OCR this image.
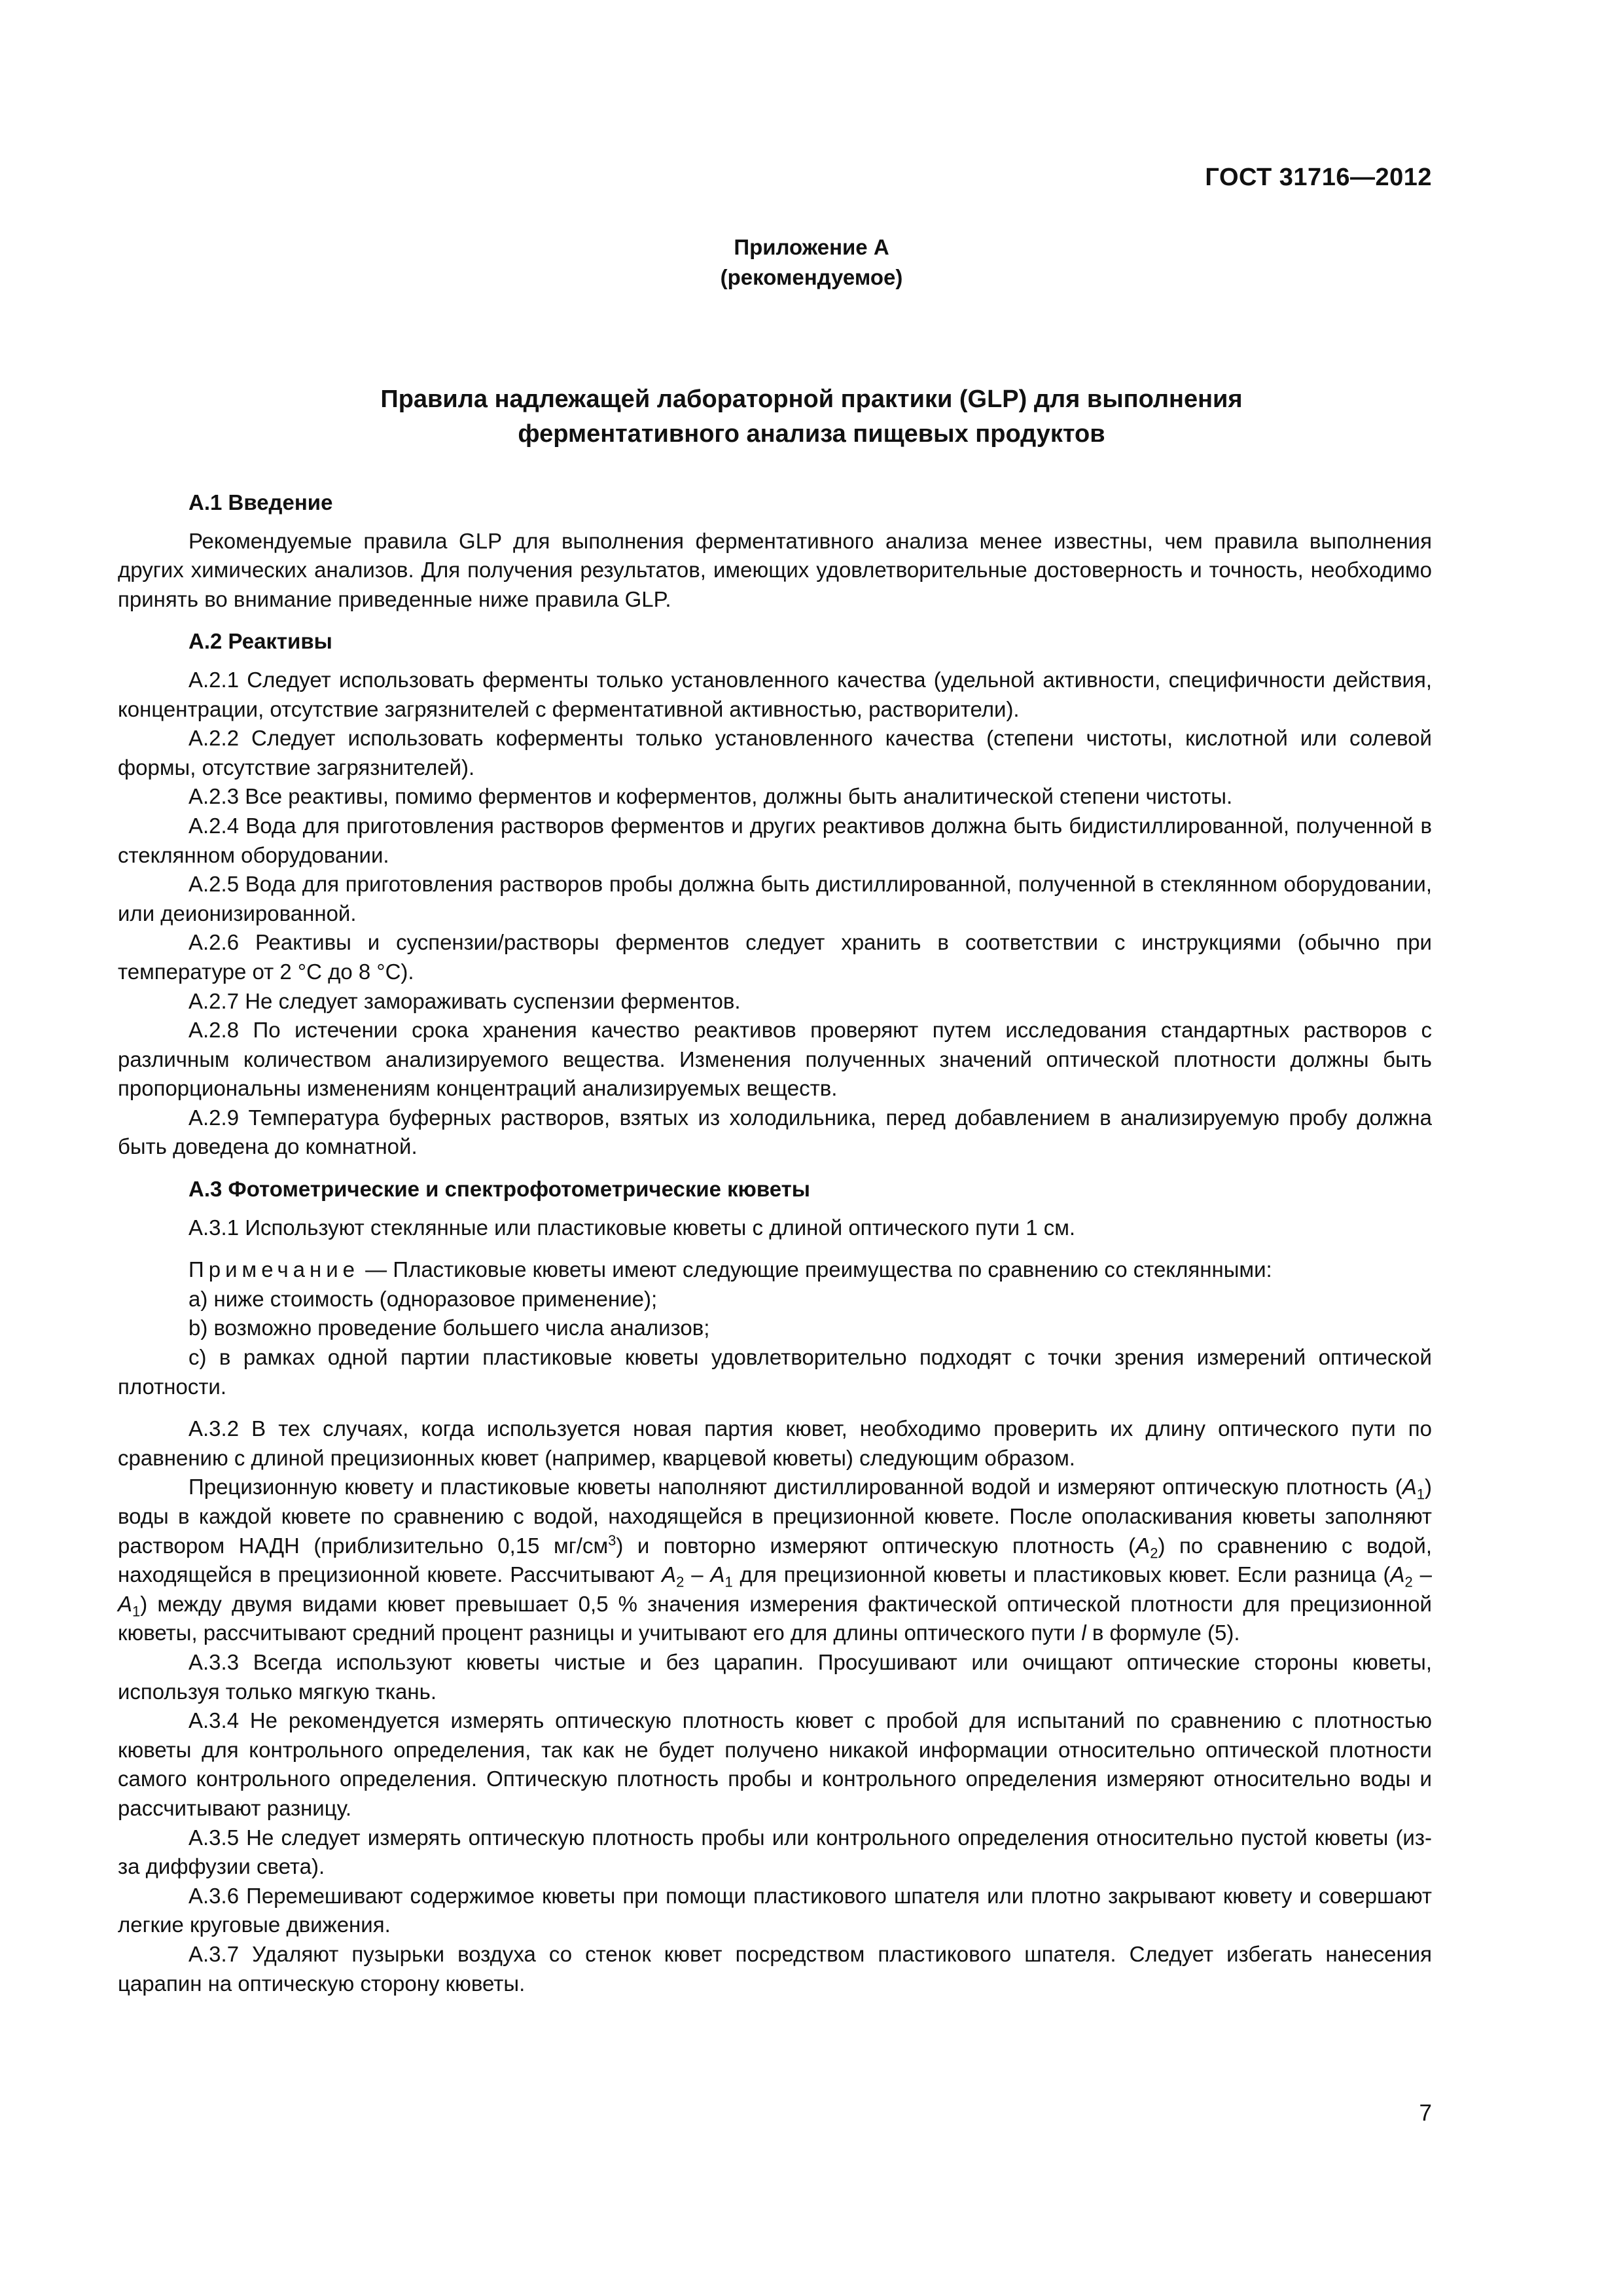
ГОСТ 31716—2012
Приложение А
(рекомендуемое)
Правила надлежащей лабораторной практики (GLP) для выполнения
ферментативного анализа пищевых продуктов
А.1 Введение

Рекомендуемые правила GLP для выполнения ферментативного анализа менее известны, чем правила выполнения других химических анализов. Для получения результатов, имеющих удовлетворительные достоверность и точность, необходимо принять во внимание приведенные ниже правила GLP.

А.2 Реактивы

А.2.1 Следует использовать ферменты только установленного качества (удельной активности, специфичности действия, концентрации, отсутствие загрязнителей с ферментативной активностью, растворители).

А.2.2 Следует использовать коферменты только установленного качества (степени чистоты, кислотной или солевой формы, отсутствие загрязнителей).

А.2.3 Все реактивы, помимо ферментов и коферментов, должны быть аналитической степени чистоты.

А.2.4 Вода для приготовления растворов ферментов и других реактивов должна быть бидистиллированной, полученной в стеклянном оборудовании.

А.2.5 Вода для приготовления растворов пробы должна быть дистиллированной, полученной в стеклянном оборудовании, или деионизированной.

А.2.6 Реактивы и суспензии/растворы ферментов следует хранить в соответствии с инструкциями (обычно при температуре от 2 °С до 8 °С).

А.2.7 Не следует замораживать суспензии ферментов.

А.2.8 По истечении срока хранения качество реактивов проверяют путем исследования стандартных растворов с различным количеством анализируемого вещества. Изменения полученных значений оптической плотности должны быть пропорциональны изменениям концентраций анализируемых веществ.

А.2.9 Температура буферных растворов, взятых из холодильника, перед добавлением в анализируемую пробу должна быть доведена до комнатной.

А.3 Фотометрические и спектрофотометрические кюветы

А.3.1 Используют стеклянные или пластиковые кюветы с длиной оптического пути 1 см.

Примечание — Пластиковые кюветы имеют следующие преимущества по сравнению со стеклянными:

a) ниже стоимость (одноразовое применение);

b) возможно проведение большего числа анализов;

c) в рамках одной партии пластиковые кюветы удовлетворительно подходят с точки зрения измерений оптической плотности.

А.3.2 В тех случаях, когда используется новая партия кювет, необходимо проверить их длину оптического пути по сравнению с длиной прецизионных кювет (например, кварцевой кюветы) следующим образом.

Прецизионную кювету и пластиковые кюветы наполняют дистиллированной водой и измеряют оптическую плотность $(A_1)$ воды в каждой кювете по сравнению с водой, находящейся в прецизионной кювете. После ополаскивания кюветы заполняют раствором НАДН (приблизительно 0,15 $мг/см^3$) и повторно измеряют оптическую плотность $(A_2)$ по сравнению с водой, находящейся в прецизионной кювете. Рассчитывают $A_2 - A_1$ для прецизионной кюветы и пластиковых кювет. Если разница ($A_2$ $-A_1$) между двумя видами кювет превышает 0,5 % значения измерения фактической оптической плотности для прецизионной кюветы, рассчитывают средний процент разницы и учитывают его для длины оптического пути l в формуле (5).

А.3.3 Всегда используют кюветы чистые и без царапин. Просушивают или очищают оптические стороны кюветы, используя только мягкую ткань.

А.3.4 Не рекомендуется измерять оптическую плотность кювет с пробой для испытаний по сравнению с плотностью кюветы для контрольного определения, так как не будет получено никакой информации относительно оптической плотности самого контрольного определения. Оптическую плотность пробы и контрольного определения измеряют относительно воды и рассчитывают разницу.

А.3.5 Не следует измерять оптическую плотность пробы или контрольного определения относительно пустой кюветы (из-за диффузии света).

А.3.6 Перемешивают содержимое кюветы при помощи пластикового шпателя или плотно закрывают кювету и совершают легкие круговые движения.

А.3.7 Удаляют пузырьки воздуха со стенок кювет посредством пластикового шпателя. Следует избегать нанесения царапин на оптическую сторону кюветы.

7
